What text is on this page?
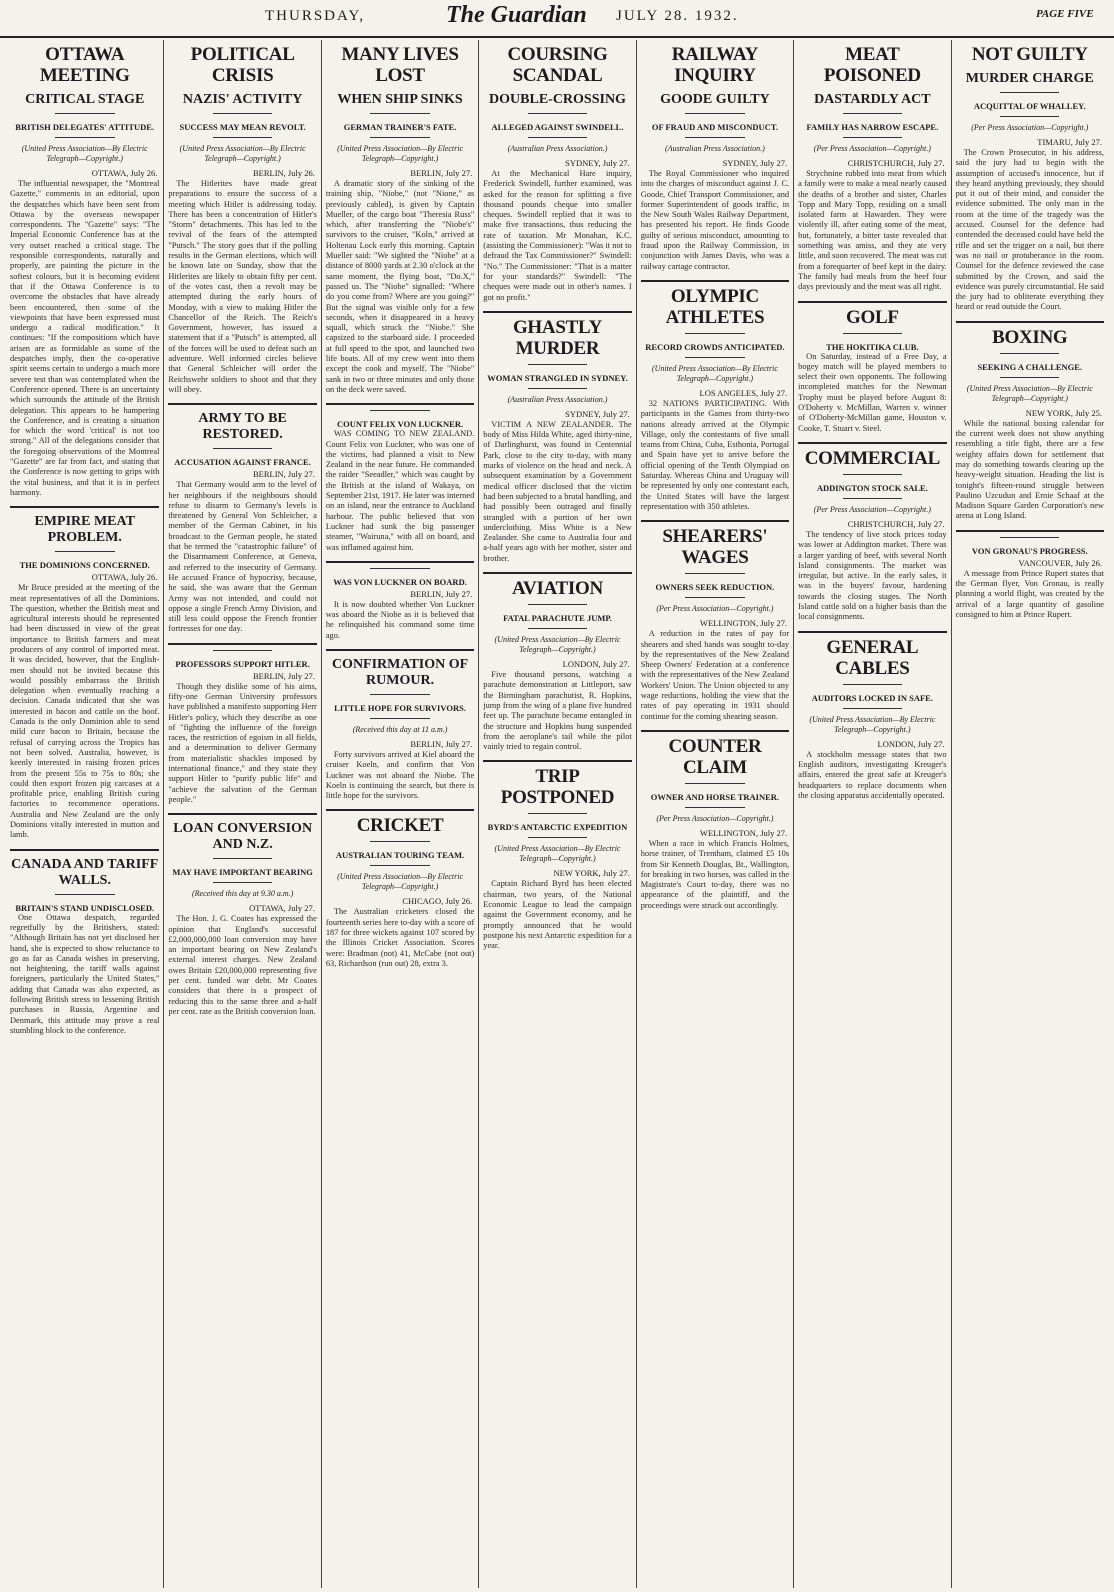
THURSDAY,	The Guardian JULY 28. 1932.	PAGE FIVE
OTTAWA MEETING
CRITICAL STAGE
BRITISH DELEGATES' ATTITUDE.
(United Press Association—By Electric Telegraph—Copyright.)
OTTAWA, July 26.

The influential newspaper, the "Montreal Gazette," comments in an editorial, upon the despatches which have been sent from Ottawa by the overseas newspaper correspondents. The "Gazette" says: "The Imperial Economic Conference has at the very outset reached a critical stage. The responsible correspondents, naturally and properly, are painting the picture in the softest colours, but it is becoming evident that if the Ottawa Conference is to overcome the obstacles that have already been encountered, then some of the viewpoints that have been expressed must undergo a radical modification." It continues: "If the compositions which have arisen are as formidable as some of the despatches imply, then the co-operative spirit seems certain to undergo a much more severe test than was contemplated when the Conference opened. There is an uncertainty which surrounds the attitude of the British delegation. This appears to be hampering the Conference, and is creating a situation for which the word 'critical' is not too strong." All of the delegations consider that the foregoing observations of the Montreal "Gazette" are far from fact, and stating that the Conference is now getting to grips with the vital business, and that it is in perfect harmony.

EMPIRE MEAT PROBLEM.
THE DOMINIONS CONCERNED.
OTTAWA, July 26.

Mr Bruce presided at the meeting of the meat representatives of all the Dominions. The question, whether the British meat and agricultural interests should be represented had been discussed in view of the great importance to British farmers and meat producers of any control of imported meat. It was decided, however, that the English-men should not be invited because this would possibly embarrass the British delegation when eventually reaching a decision. Canada indicated that she was interested in bacon and cattle on the hoof. Canada is the only Dominion able to send mild cure bacon to Britain, because the refusal of carrying across the Tropics has not been solved. Australia, however, is keenly interested in raising frozen prices from the present 55s to 75s to 80s; she could then export frozen pig carcases at a profitable price, enabling British curing factories to recommence operations. Australia and New Zealand are the only Dominions vitally interested in mutton and lamb.

CANADA AND TARIFF WALLS.
BRITAIN'S STAND UNDISCLOSED.

One Ottawa despatch, regarded regretfully by the Britishers, stated: "Although Britain has not yet disclosed her hand, she is expected to show reluctance to go as far as Canada wishes in preserving, not heightening, the tariff walls against foreigners, particularly the United States," adding that Canada was also expected, as following British stress to lessening British purchases in Russia, Argentine and Denmark, this attitude may prove a real stumbling block to the conference.

POLITICAL CRISIS
NAZIS' ACTIVITY
SUCCESS MAY MEAN REVOLT.
(United Press Association—By Electric Telegraph—Copyright.)
BERLIN, July 26.

The Hitlerites have made great preparations to ensure the success of a meeting which Hitler is addressing today. There has been a concentration of Hitler's "Storm" detachments. This has led to the revival of the fears of the attempted "Putsch." The story goes that if the polling results in the German elections, which will be known late on Sunday, show that the Hitlerites are likely to obtain fifty per cent. of the votes cast, then a revolt may be attempted during the early hours of Monday, with a view to making Hitler the Chancellor of the Reich. The Reich's Government, however, has issued a statement that if a "Putsch" is attempted, all of the forces will be used to defeat such an adventure. Well informed circles believe that General Schleicher will order the Reichswehr soldiers to shoot and that they will obey.

ARMY TO BE RESTORED.
ACCUSATION AGAINST FRANCE.
BERLIN, July 27.

That Germany would arm to the level of her neighbours if the neighbours should refuse to disarm to Germany's levels is threatened by General Von Schleicher, a member of the German Cabinet, in his broadcast to the German people, he stated that he termed the "catastrophic failure" of the Disarmament Conference, at Geneva, and referred to the insecurity of Germany. He accused France of hypocrisy, because, he said, she was aware that the German Army was not intended, and could not oppose a single French Army Division, and still less could oppose the French frontier fortresses for one day.

PROFESSORS SUPPORT HITLER.
BERLIN, July 27.

Though they dislike some of his aims, fifty-one German University professors have published a manifesto supporting Herr Hitler's policy, which they describe as one of "fighting the influence of the foreign races, the restriction of egoism in all fields, and a determination to deliver Germany from materialistic shackles imposed by international finance," and they state they support Hitler to "purify public life" and "achieve the salvation of the German people."

LOAN CONVERSION AND N.Z.
MAY HAVE IMPORTANT BEARING
(Received this day at 9.30 a.m.)
OTTAWA, July 27.

The Hon. J. G. Coates has expressed the opinion that England's successful £2,000,000,000 loan conversion may have an important bearing on New Zealand's external interest charges. New Zealand owes Britain £20,000,000 representing five per cent. funded war debt. Mr Coates considers that there is a prospect of reducing this to the same three and a-half per cent. rate as the British conversion loan.

MANY LIVES LOST
WHEN SHIP SINKS
GERMAN TRAINER'S FATE.
(United Press Association—By Electric Telegraph—Copyright.)
BERLIN, July 27.

A dramatic story of the sinking of the training ship, "Niobe," (not "Nione," as previously cabled), is given by Captain Mueller, of the cargo boat "Theresia Russ" which, after transferring the "Niobe's" survivors to the cruiser, "Koln," arrived at Holtenau Lock early this morning. Captain Mueller said: "We sighted the "Niobe" at a distance of 8000 yards at 2.30 o'clock at the same moment, the flying boat, "Do.X," passed us. The "Niobe" signalled: "Where do you come from? Where are you going?" But the signal was visible only for a few seconds, when it disappeared in a heavy squall, which struck the "Niobe." She capsized to the starboard side. I proceeded at full speed to the spot, and launched two life boats. All of my crew went into them except the cook and myself. The "Niobe" sank in two or three minutes and only those on the deck were saved.

COUNT FELIX VON LUCKNER.

WAS COMING TO NEW ZEALAND. Count Felix von Luckner, who was one of the victims, had planned a visit to New Zealand in the near future. He commanded the raider "Seeadler," which was caught by the British at the island of Wakaya, on September 21st, 1917. He later was interned on an island, near the entrance to Auckland harbour. The public believed that von Luckner had sunk the big passenger steamer, "Wairuna," with all on board, and was inflamed against him.

WAS VON LUCKNER ON BOARD.
BERLIN, July 27.

It is now doubted whether Von Luckner was aboard the Niobe as it is believed that he relinquished his command some time ago.

CONFIRMATION OF RUMOUR.
LITTLE HOPE FOR SURVIVORS.
(Received this day at 11 a.m.)
BERLIN, July 27.

Forty survivors arrived at Kiel aboard the cruiser Koeln, and confirm that Von Luckner was not aboard the Niobe. The Koeln is continuing the search, but there is little hope for the survivors.

CRICKET
AUSTRALIAN TOURING TEAM.
(United Press Association—By Electric Telegraph—Copyright.)
CHICAGO, July 26.

The Australian cricketers closed the fourteenth series here to-day with a score of 187 for three wickets against 107 scored by the Illinois Cricket Association. Scores were: Bradman (not) 41, McCabe (not out) 63, Richardson (run out) 28, extra 3.

COURSING SCANDAL
DOUBLE-CROSSING
ALLEGED AGAINST SWINDELL.
(Australian Press Association.)
SYDNEY, July 27.

At the Mechanical Hare inquiry, Frederick Swindell, further examined, was asked for the reason for splitting a five thousand pounds cheque into smaller cheques. Swindell replied that it was to make five transactions, thus reducing the rate of taxation. Mr Monahan, K.C. (assisting the Commissioner): "Was it not to defraud the Tax Commissioner?" Swindell: "No." The Commissioner: "That is a matter for your standards?" Swindell: "The cheques were made out in other's names. I got no profit."

GHASTLY MURDER
WOMAN STRANGLED IN SYDNEY.
(Australian Press Association.)
SYDNEY, July 27.

VICTIM A NEW ZEALANDER. The body of Miss Hilda White, aged thirty-nine, of Darlinghurst, was found in Centennial Park, close to the city to-day, with many marks of violence on the head and neck. A subsequent examination by a Government medical officer disclosed that the victim had been subjected to a brutal handling, and had possibly been outraged and finally strangled with a portion of her own underclothing. Miss White is a New Zealander. She came to Australia four and a-half years ago with her mother, sister and brother.

AVIATION
FATAL PARACHUTE JUMP.
(United Press Association—By Electric Telegraph—Copyright.)
LONDON, July 27.

Five thousand persons, watching a parachute demonstration at Littleport, saw the Birmingham parachutist, R. Hopkins, jump from the wing of a plane five hundred feet up. The parachute became entangled in the structure and Hopkins hung suspended from the aeroplane's tail while the pilot vainly tried to regain control.

TRIP POSTPONED
BYRD'S ANTARCTIC EXPEDITION
(United Press Association—By Electric Telegraph—Copyright.)
NEW YORK, July 27.

Captain Richard Byrd has been elected chairman, two years, of the National Economic League to lead the campaign against the Government economy, and he promptly announced that he would postpone his next Antarctic expedition for a year.

RAILWAY INQUIRY
GOODE GUILTY
OF FRAUD AND MISCONDUCT.
(Australian Press Association.)
SYDNEY, July 27.

The Royal Commissioner who inquired into the charges of misconduct against J. C. Goode, Chief Transport Commissioner, and former Superintendent of goods traffic, in the New South Wales Railway Department, has presented his report. He finds Goode guilty of serious misconduct, amounting to fraud upon the Railway Commission, in conjunction with James Davis, who was a railway cartage contractor.

OLYMPIC ATHLETES
RECORD CROWDS ANTICIPATED.
(United Press Association—By Electric Telegraph—Copyright.)
LOS ANGELES, July 27.

32 NATIONS PARTICIPATING. With participants in the Games from thirty-two nations already arrived at the Olympic Village, only the contestants of five small teams from China, Cuba, Esthonia, Portugal and Spain have yet to arrive before the official opening of the Tenth Olympiad on Saturday. Whereas China and Uruguay will be represented by only one contestant each, the United States will have the largest representation with 350 athletes.

SHEARERS' WAGES
OWNERS SEEK REDUCTION.
(Per Press Association—Copyright.)
WELLINGTON, July 27.

A reduction in the rates of pay for shearers and shed hands was sought to-day by the representatives of the New Zealand Sheep Owners' Federation at a conference with the representatives of the New Zealand Workers' Union. The Union objected to any wage reductions, holding the view that the rates of pay operating in 1931 should continue for the coming shearing season.

COUNTER CLAIM
OWNER AND HORSE TRAINER.
(Per Press Association—Copyright.)
WELLINGTON, July 27.

When a race in which Francis Holmes, horse trainer, of Trentham, claimed £5 10s from Sir Kenneth Douglas, Bt., Wallington, for breaking in two horses, was called in the Magistrate's Court to-day, there was no appearance of the plaintiff, and the proceedings were struck out accordingly.

MEAT POISONED
DASTARDLY ACT
FAMILY HAS NARROW ESCAPE.
(Per Press Association—Copyright.)
CHRISTCHURCH, July 27.

Strychnine rubbed into meat from which a family were to make a meal nearly caused the deaths of a brother and sister, Charles Topp and Mary Topp, residing on a small isolated farm at Hawarden. They were violently ill, after eating some of the meat, but, fortunately, a bitter taste revealed that something was amiss, and they ate very little, and soon recovered. The meat was cut from a forequarter of beef kept in the dairy. The family had meals from the beef four days previously and the meat was all right.

GOLF
THE HOKITIKA CLUB.

On Saturday, instead of a Free Day, a bogey match will be played members to select their own opponents. The following incompleted matches for the Newman Trophy must be played before August 8: O'Doherty v. McMillan, Warren v. winner of O'Doherty-McMillan game, Houston v. Cooke, T. Stuart v. Steel.

COMMERCIAL
ADDINGTON STOCK SALE.
(Per Press Association—Copyright.)
CHRISTCHURCH, July 27.

The tendency of live stock prices today was lower at Addington market. There was a larger yarding of beef, with several North Island consignments. The market was irregular, but active. In the early sales, it was in the buyers' favour, hardening towards the closing stages. The North Island cattle sold on a higher basis than the local consignments.

GENERAL CABLES
AUDITORS LOCKED IN SAFE.
(United Press Association—By Electric Telegraph—Copyright.)
LONDON, July 27.

A stockholm message states that two English auditors, investigating Kreuger's affairs, entered the great safe at Kreuger's headquarters to replace documents when the closing apparatus accidentally operated.

NOT GUILTY
MURDER CHARGE
ACQUITTAL OF WHALLEY.
(Per Press Association—Copyright.)
TIMARU, July 27.

The Crown Prosecutor, in his address, said the jury had to begin with the assumption of accused's innocence, but if they heard anything previously, they should put it out of their mind, and consider the evidence submitted. The only man in the room at the time of the tragedy was the accused. Counsel for the defence had contended the deceased could have held the rifle and set the trigger on a nail, but there was no nail or protuberance in the room. Counsel for the defence reviewed the case submitted by the Crown, and said the evidence was purely circumstantial. He said the jury had to obliterate everything they heard or read outside the Court.

BOXING
SEEKING A CHALLENGE.
(United Press Association—By Electric Telegraph—Copyright.)
NEW YORK, July 25.

While the national boxing calendar for the current week does not show anything resembling a title fight, there are a few weighty affairs down for settlement that may do something towards clearing up the heavy-weight situation. Heading the list is tonight's fifteen-round struggle between Paulino Uzcudun and Ernie Schaaf at the Madison Square Garden Corporation's new arena at Long Island.

VON GRONAU'S PROGRESS.
VANCOUVER, July 26.

A message from Prince Rupert states that the German flyer, Von Gronau, is really planning a world flight, was created by the arrival of a large quantity of gasoline consigned to him at Prince Rupert.
